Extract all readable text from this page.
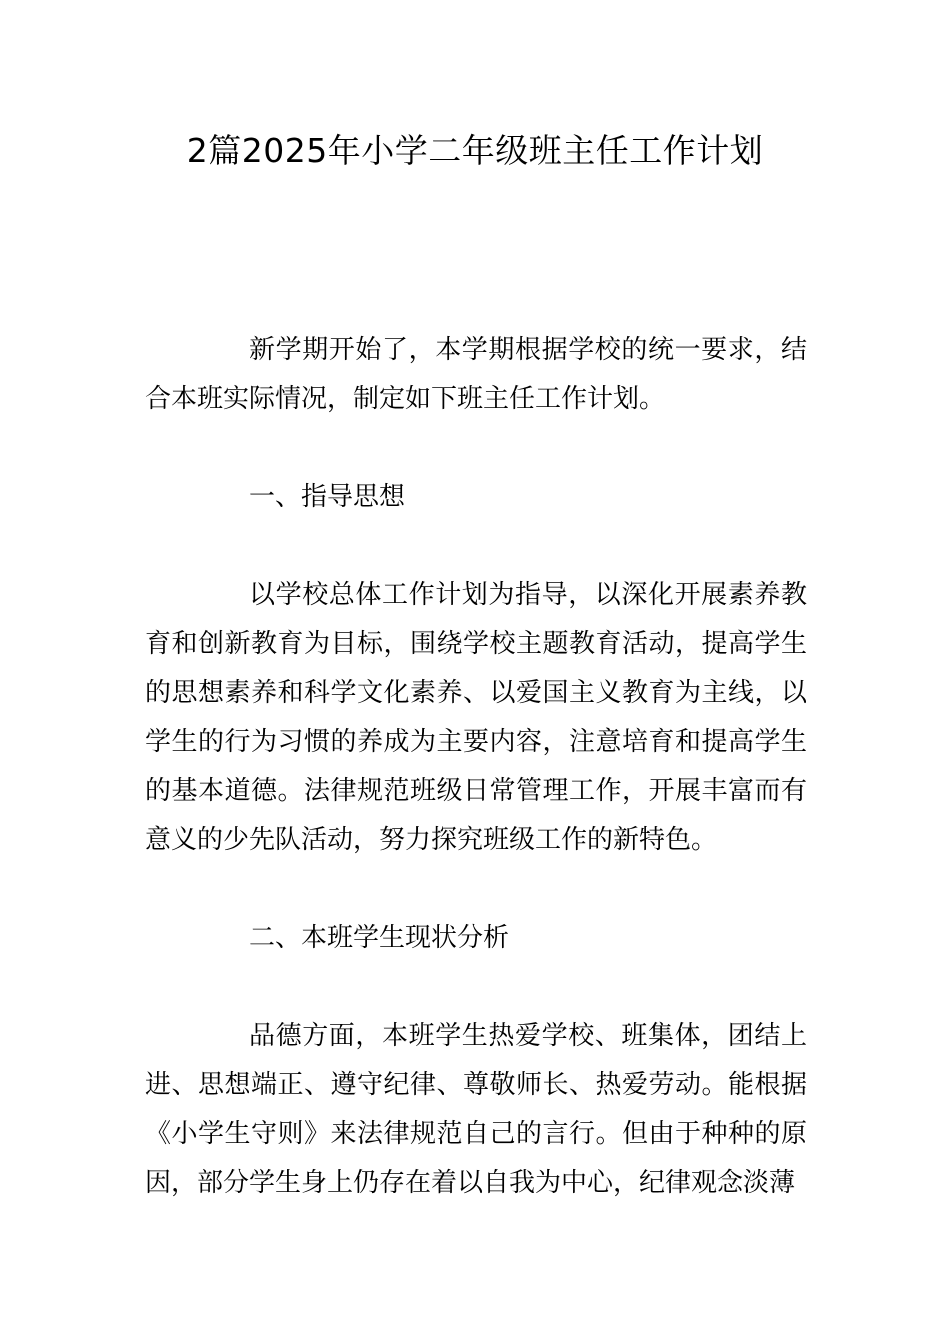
2篇2025年小学二年级班主任工作计划

新学期开始了，本学期根据学校的统一要求，结合本班实际情况，制定如下班主任工作计划。

一、指导思想

以学校总体工作计划为指导，以深化开展素养教育和创新教育为目标，围绕学校主题教育活动，提高学生的思想素养和科学文化素养、以爱国主义教育为主线，以学生的行为习惯的养成为主要内容，注意培育和提高学生的基本道德。法律规范班级日常管理工作，开展丰富而有意义的少先队活动，努力探究班级工作的新特色。

二、本班学生现状分析

品德方面，本班学生热爱学校、班集体，团结上进、思想端正、遵守纪律、尊敬师长、热爱劳动。能根据《小学生守则》来法律规范自己的言行。但由于种种的原因，部分学生身上仍存在着以自我为中心，纪律观念淡薄
